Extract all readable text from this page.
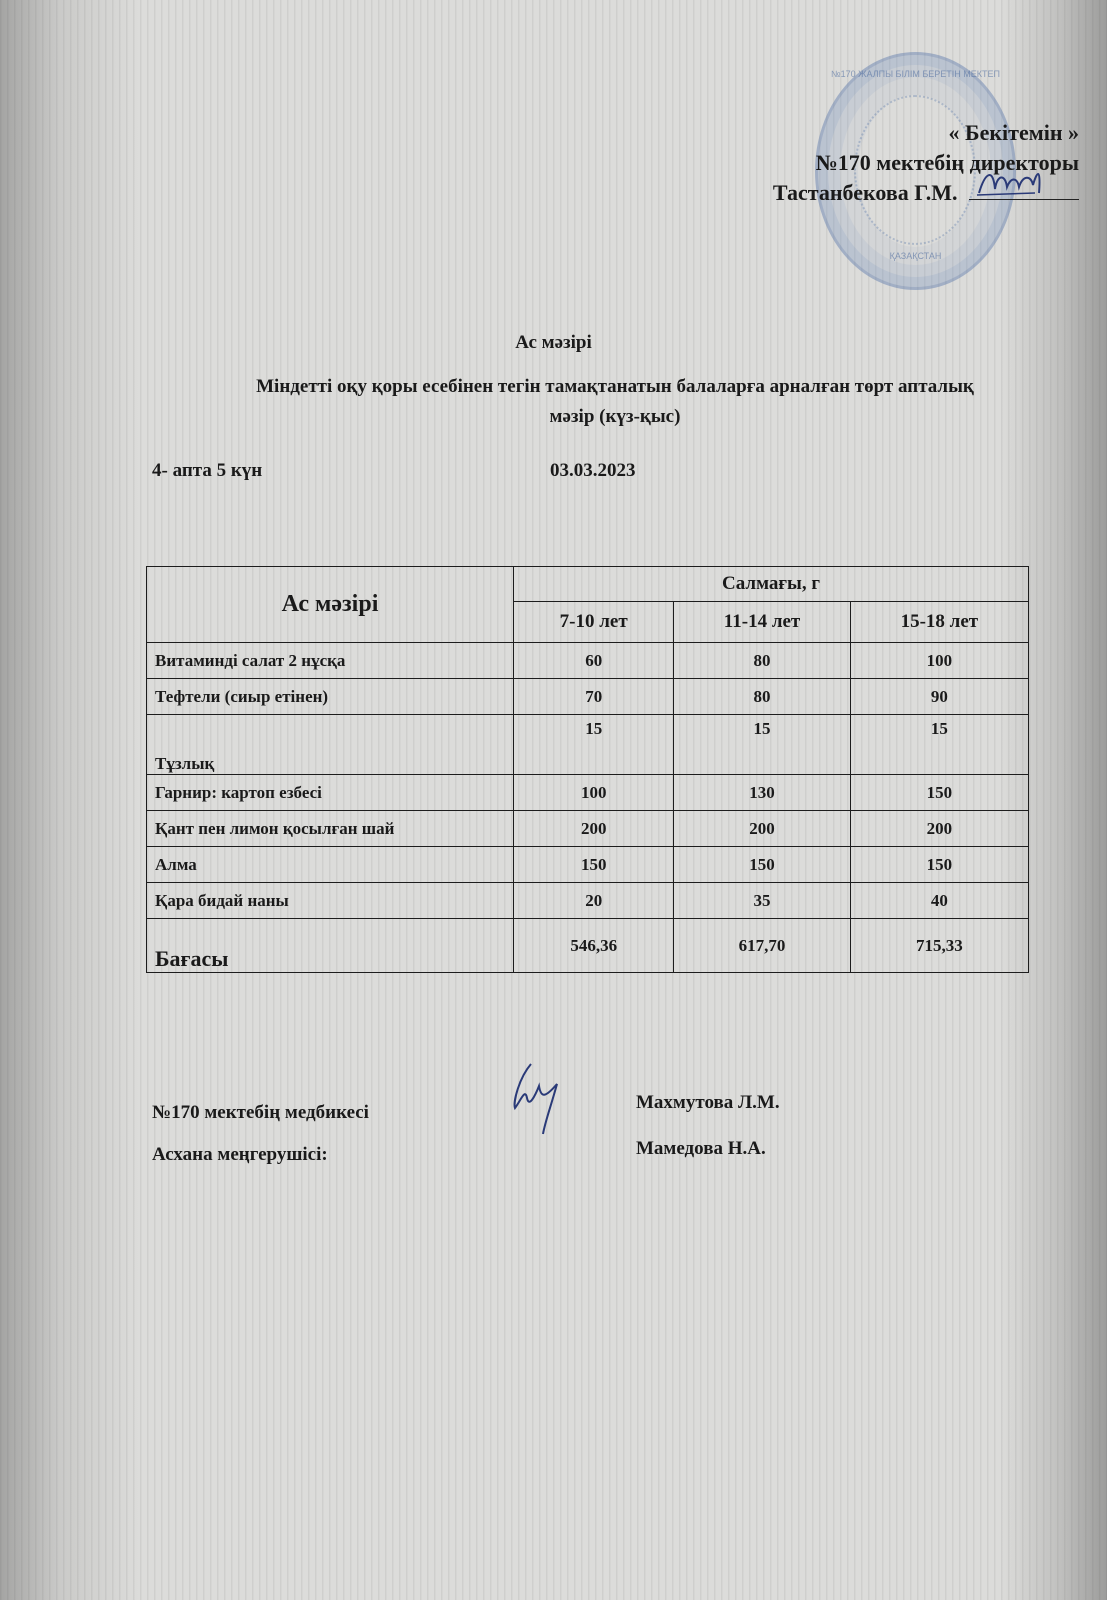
№170 ЖАЛПЫ БІЛІМ БЕРЕТІН МЕКТЕП
ҚАЗАҚСТАН
« Бекітемін »
№170 мектебің директоры
Тастанбекова Г.М.
Ас мәзірі
Міндетті оқу қоры есебінен тегін тамақтанатын балаларға арналған төрт апталық
мәзір (күз-қыс)
4- апта 5 күн	03.03.2023
Ас мәзірі	Салмағы, г		
	7-10 лет	11-14 лет	15-18 лет
Витаминді салат 2 нұсқа	60	80	100
Тефтели (сиыр етінен)	70	80	90
Тұзлық	15	15	15
Гарнир: картоп езбесі	100	130	150
Қант пен лимон қосылған шай	200	200	200
Алма	150	150	150
Қара бидай наны	20	35	40
Бағасы	546,36	617,70	715,33
№170 мектебің медбикесі
Асхана меңгерушісі:
Махмутова Л.М.
Мамедова Н.А.
